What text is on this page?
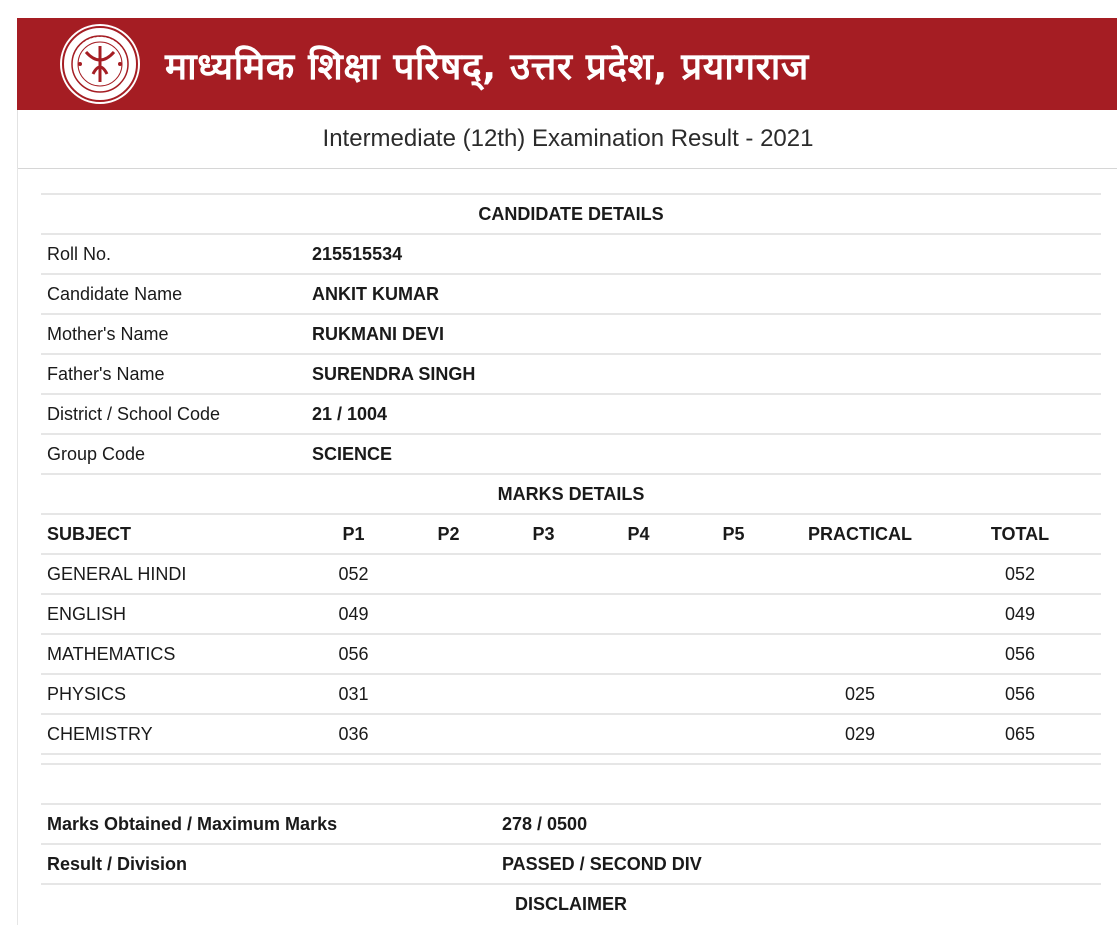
माध्यमिक शिक्षा परिषद्, उत्तर प्रदेश, प्रयागराज
Intermediate (12th) Examination Result - 2021
CANDIDATE DETAILS							
Roll No.	215515534						
Candidate Name	ANKIT KUMAR						
Mother's Name	RUKMANI DEVI						
Father's Name	SURENDRA SINGH						
District / School Code	21 / 1004						
Group Code	SCIENCE						
MARKS DETAILS							
SUBJECT	P1	P2	P3	P4	P5	PRACTICAL	TOTAL
GENERAL HINDI	052						052
ENGLISH	049						049
MATHEMATICS	056						056
PHYSICS	031					025	056
CHEMISTRY	036					029	065

Marks Obtained / Maximum Marks			278 / 0500				
Result / Division			PASSED / SECOND DIV				
DISCLAIMER							
